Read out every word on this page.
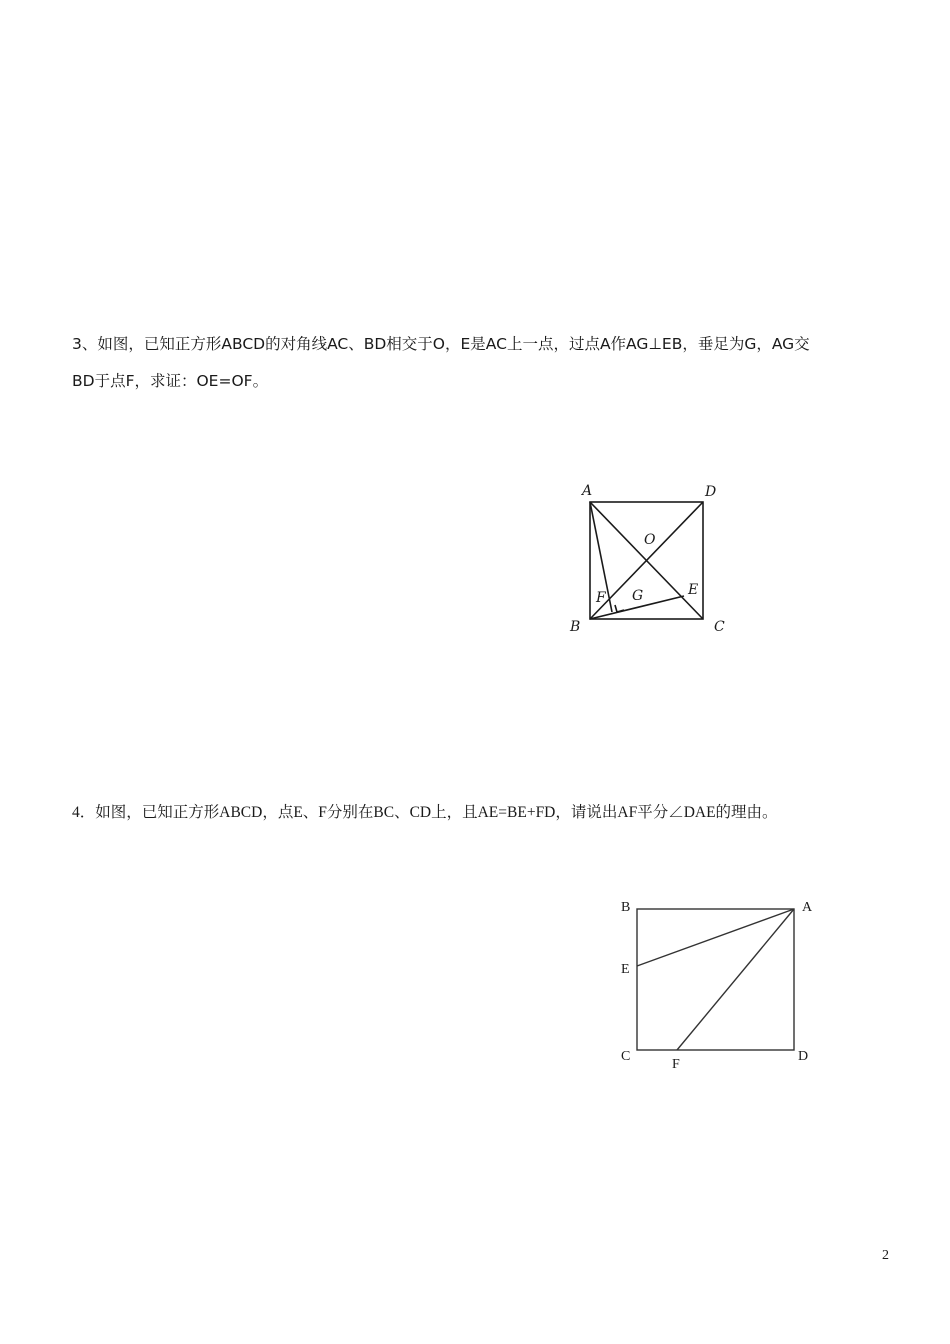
3、如图，已知正方形ABCD的对角线AC、BD相交于O，E是AC上一点，过点A作AG⊥EB，垂足为G，AG交
BD于点F，求证：OE=OF。
A	D
O
E
F G
B	C
4．如图，已知正方形ABCD，点E、F分别在BC、CD上，且AE=BE+FD，请说出AF平分∠DAE的理由。
B	A
E
C
F
D
2
